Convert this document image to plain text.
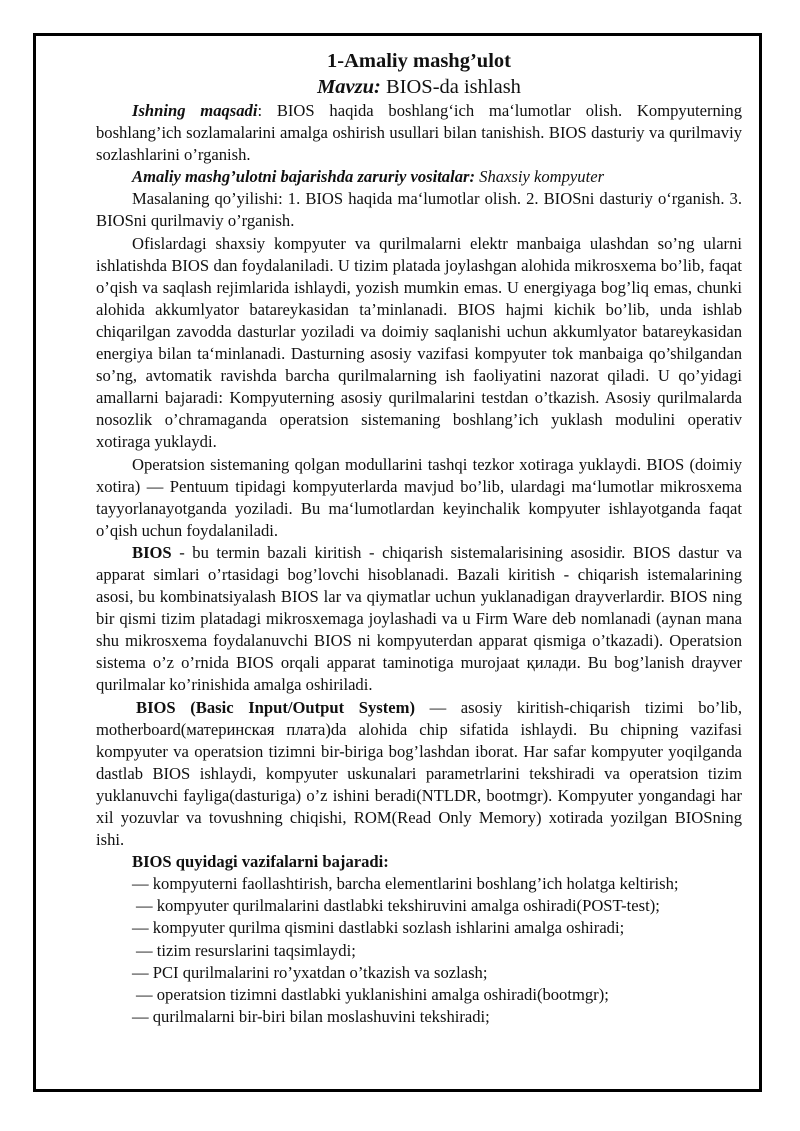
1-Amaliy mashg’ulot
Mavzu: BIOS-da ishlash

Ishning maqsadi: BIOS haqida boshlang‘ich ma‘lumotlar olish. Kompyuterning boshlang’ich sozlamalarini amalga oshirish usullari bilan tanishish. BIOS dasturiy va qurilmaviy sozlashlarini o’rganish.

Amaliy mashg’ulotni bajarishda zaruriy vositalar: Shaxsiy kompyuter

Masalaning qo’yilishi: 1. BIOS haqida ma‘lumotlar olish. 2. BIOSni dasturiy o‘rganish. 3. BIOSni qurilmaviy o’rganish.

Ofislardagi shaxsiy kompyuter va qurilmalarni elektr manbaiga ulashdan so’ng ularni ishlatishda BIOS dan foydalaniladi. U tizim platada joylashgan alohida mikrosxema bo’lib, faqat o’qish va saqlash rejimlarida ishlaydi, yozish mumkin emas. U energiyaga bog’liq emas, chunki alohida akkumlyator batareykasidan ta’minlanadi. BIOS hajmi kichik bo’lib, unda ishlab chiqarilgan zavodda dasturlar yoziladi va doimiy saqlanishi uchun akkumlyator batareykasidan energiya bilan ta‘minlanadi. Dasturning asosiy vazifasi kompyuter tok manbaiga qo’shilgandan so’ng, avtomatik ravishda barcha qurilmalarning ish faoliyatini nazorat qiladi. U qo’yidagi amallarni bajaradi: Kompyuterning asosiy qurilmalarini testdan o’tkazish. Asosiy qurilmalarda nosozlik o’chramaganda operatsion sistemaning boshlang’ich yuklash modulini operativ xotiraga yuklaydi.

Operatsion sistemaning qolgan modullarini tashqi tezkor xotiraga yuklaydi. BIOS (doimiy xotira) — Pentuum tipidagi kompyuterlarda mavjud bo’lib, ulardagi ma‘lumotlar mikrosxema tayyorlanayotganda yoziladi. Bu ma‘lumotlardan keyinchalik kompyuter ishlayotganda faqat o’qish uchun foydalaniladi.

BIOS - bu termin bazali kiritish - chiqarish sistemalarisining asosidir. BIOS dastur va apparat simlari o’rtasidagi bog’lovchi hisoblanadi. Bazali kiritish - chiqarish istemalarining asosi, bu kombinatsiyalash BIOS lar va qiymatlar uchun yuklanadigan drayverlardir. BIOS ning bir qismi tizim platadagi mikrosxemaga joylashadi va u Firm Ware deb nomlanadi (aynan mana shu mikrosxema foydalanuvchi BIOS ni kompyuterdan apparat qismiga o’tkazadi). Operatsion sistema o’z o’rnida BIOS orqali apparat taminotiga murojaat қилади. Bu bog’lanish drayver qurilmalar ko’rinishida amalga oshiriladi.

BIOS (Basic Input/Output System) — asosiy kiritish-chiqarish tizimi bo’lib, motherboard(материнская плата)da alohida chip sifatida ishlaydi. Bu chipning vazifasi kompyuter va operatsion tizimni bir-biriga bog’lashdan iborat. Har safar kompyuter yoqilganda dastlab BIOS ishlaydi, kompyuter uskunalari parametrlarini tekshiradi va operatsion tizim yuklanuvchi fayliga(dasturiga) o’z ishini beradi(NTLDR, bootmgr). Kompyuter yongandagi har xil yozuvlar va tovushning chiqishi, ROM(Read Only Memory) xotirada yozilgan BIOSning ishi.

BIOS quyidagi vazifalarni bajaradi:

— kompyuterni faollashtirish, barcha elementlarini boshlang’ich holatga keltirish;
— kompyuter qurilmalarini dastlabki tekshiruvini amalga oshiradi(POST-test);
— kompyuter qurilma qismini dastlabki sozlash ishlarini amalga oshiradi;
— tizim resurslarini taqsimlaydi;
— PCI qurilmalarini ro’yxatdan o’tkazish va sozlash;
— operatsion tizimni dastlabki yuklanishini amalga oshiradi(bootmgr);
— qurilmalarni bir-biri bilan moslashuvini tekshiradi;
